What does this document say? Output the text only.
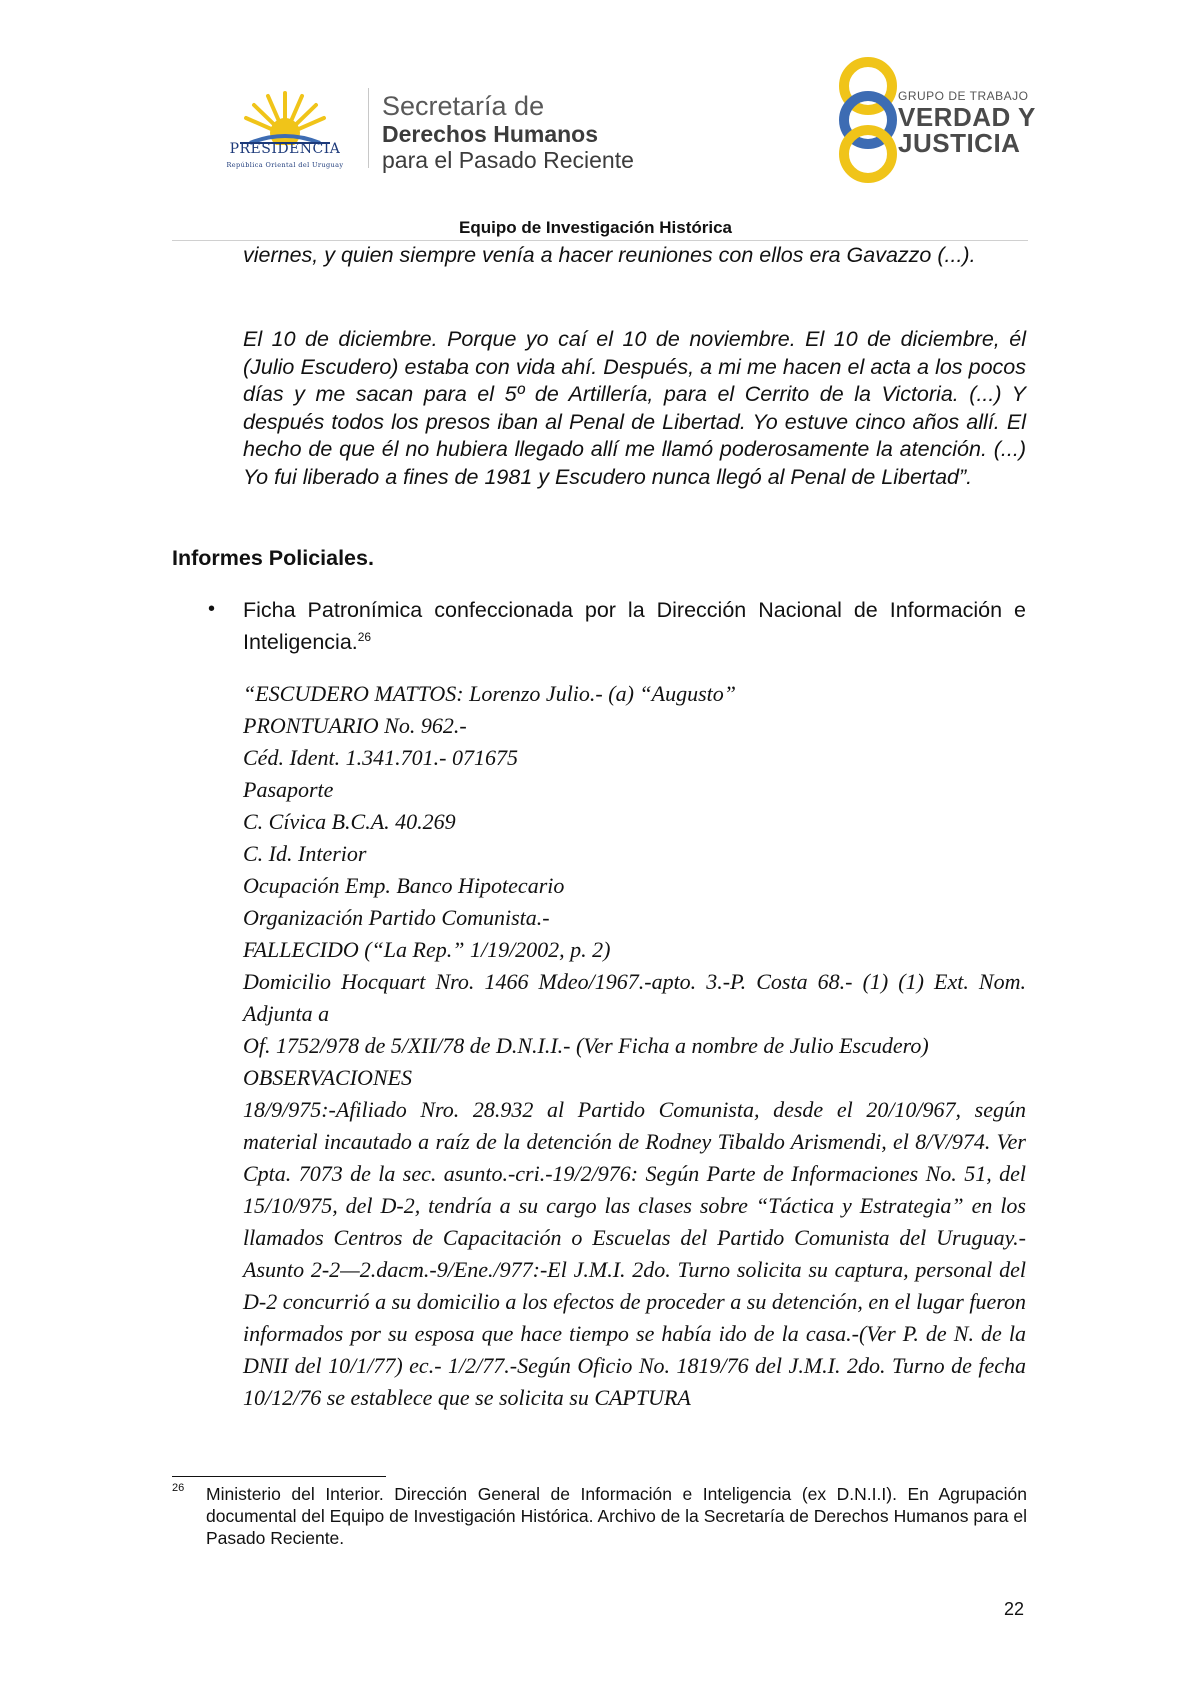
PRESIDENCIA
República Oriental del Uruguay
Secretaría de
Derechos Humanos
para el Pasado Reciente
GRUPO DE TRABAJO
VERDAD Y
JUSTICIA
Equipo de Investigación Histórica

viernes, y quien siempre venía a hacer reuniones con ellos era Gavazzo (...).

El 10 de diciembre. Porque yo caí el 10 de noviembre. El 10 de diciembre, él (Julio Escudero) estaba con vida ahí. Después, a mi me hacen el acta a los pocos días y me sacan para el 5º de Artillería, para el Cerrito de la Victoria. (...) Y después todos los presos iban al Penal de Libertad. Yo estuve cinco años allí. El hecho de que él no hubiera llegado allí me llamó poderosamente la atención. (...) Yo fui liberado a fines de 1981 y Escudero nunca llegó al Penal de Libertad”.

Informes Policiales.
• Ficha Patronímica confeccionada por la Dirección Nacional de Información e Inteligencia.$^{26}$
“ESCUDERO MATTOS: Lorenzo Julio.- (a) “Augusto”
PRONTUARIO No. 962.-
Céd. Ident. 1.341.701.- 071675
Pasaporte
C. Cívica B.C.A. 40.269
C. Id. Interior
Ocupación Emp. Banco Hipotecario
Organización Partido Comunista.-
FALLECIDO (“La Rep.” 1/19/2002, p. 2)
Domicilio Hocquart Nro. 1466 Mdeo/1967.-apto. 3.-P. Costa 68.- (1) (1) Ext. Nom. Adjunta a
Of. 1752/978 de 5/XII/78 de D.N.I.I.- (Ver Ficha a nombre de Julio Escudero)
OBSERVACIONES
18/9/975:-Afiliado Nro. 28.932 al Partido Comunista, desde el 20/10/967, según material incautado a raíz de la detención de Rodney Tibaldo Arismendi, el 8/V/974. Ver Cpta. 7073 de la sec. asunto.-cri.-19/2/976: Según Parte de Informaciones No. 51, del 15/10/975, del D-2, tendría a su cargo las clases sobre “Táctica y Estrategia” en los llamados Centros de Capacitación o Escuelas del Partido Comunista del Uruguay.-Asunto 2-2—2.dacm.-9/Ene./977:-El J.M.I. 2do. Turno solicita su captura, personal del D-2 concurrió a su domicilio a los efectos de proceder a su detención, en el lugar fueron informados por su esposa que hace tiempo se había ido de la casa.-(Ver P. de N. de la DNII del 10/1/77) ec.- 1/2/77.-Según Oficio No. 1819/76 del J.M.I. 2do. Turno de fecha 10/12/76 se establece que se solicita su CAPTURA
26 Ministerio del Interior. Dirección General de Información e Inteligencia (ex D.N.I.I). En Agrupación documental del Equipo de Investigación Histórica. Archivo de la Secretaría de Derechos Humanos para el Pasado Reciente.
22
